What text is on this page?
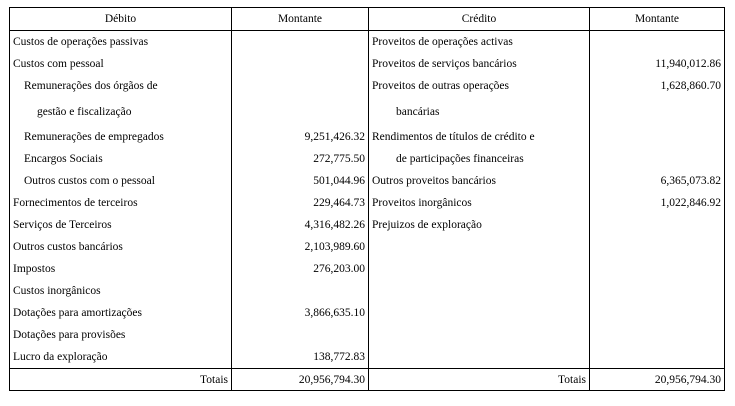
Débito	Montante	Crédito	Montante
Custos de operações passivas		Proveitos de operações activas	
Custos com pessoal		Proveitos de serviços bancários	11,940,012.86
Remunerações dos órgãos de		Proveitos de outras operações	1,628,860.70
gestão e fiscalização		bancárias	
Remunerações de empregados	9,251,426.32	Rendimentos de títulos de crédito e	
Encargos Sociais	272,775.50	de participações financeiras	
Outros custos com o pessoal	501,044.96	Outros proveitos bancários	6,365,073.82
Fornecimentos de terceiros	229,464.73	Proveitos inorgânicos	1,022,846.92
Serviços de Terceiros	4,316,482.26	Prejuizos de exploração	
Outros custos bancários	2,103,989.60		
Impostos	276,203.00		
Custos inorgânicos			
Dotações para amortizações	3,866,635.10		
Dotações para provisões			
Lucro da exploração	138,772.83		
Totais	20,956,794.30	Totais	20,956,794.30
